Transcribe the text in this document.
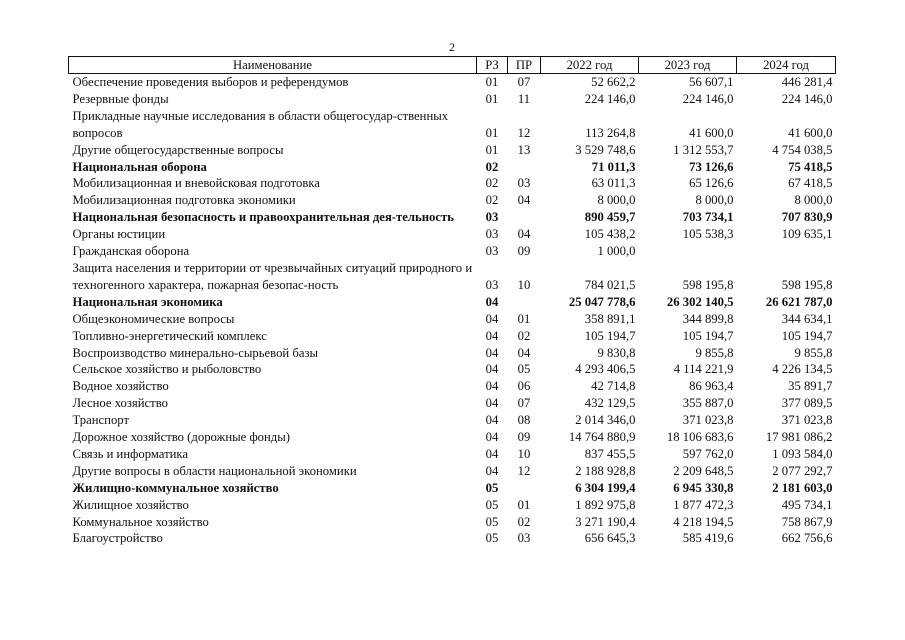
2
Наименование	РЗ	ПР	2022 год	2023 год	2024 год
Обеспечение проведения выборов и референдумов	01	07	52 662,2	56 607,1	446 281,4
Резервные фонды	01	11	224 146,0	224 146,0	224 146,0
Прикладные научные исследования в области общегосудар-ственных вопросов	01	12	113 264,8	41 600,0	41 600,0
Другие общегосударственные вопросы	01	13	3 529 748,6	1 312 553,7	4 754 038,5
Национальная оборона	02		71 011,3	73 126,6	75 418,5
Мобилизационная и вневойсковая подготовка	02	03	63 011,3	65 126,6	67 418,5
Мобилизационная подготовка экономики	02	04	8 000,0	8 000,0	8 000,0
Национальная безопасность и правоохранительная дея-тельность	03		890 459,7	703 734,1	707 830,9
Органы юстиции	03	04	105 438,2	105 538,3	109 635,1
Гражданская оборона	03	09	1 000,0		
Защита населения и территории от чрезвычайных ситуаций природного и техногенного характера, пожарная безопас-ность	03	10	784 021,5	598 195,8	598 195,8
Национальная экономика	04		25 047 778,6	26 302 140,5	26 621 787,0
Общеэкономические вопросы	04	01	358 891,1	344 899,8	344 634,1
Топливно-энергетический комплекс	04	02	105 194,7	105 194,7	105 194,7
Воспроизводство минерально-сырьевой базы	04	04	9 830,8	9 855,8	9 855,8
Сельское хозяйство и рыболовство	04	05	4 293 406,5	4 114 221,9	4 226 134,5
Водное хозяйство	04	06	42 714,8	86 963,4	35 891,7
Лесное хозяйство	04	07	432 129,5	355 887,0	377 089,5
Транспорт	04	08	2 014 346,0	371 023,8	371 023,8
Дорожное хозяйство (дорожные фонды)	04	09	14 764 880,9	18 106 683,6	17 981 086,2
Связь и информатика	04	10	837 455,5	597 762,0	1 093 584,0
Другие вопросы в области национальной экономики	04	12	2 188 928,8	2 209 648,5	2 077 292,7
Жилищно-коммунальное хозяйство	05		6 304 199,4	6 945 330,8	2 181 603,0
Жилищное хозяйство	05	01	1 892 975,8	1 877 472,3	495 734,1
Коммунальное хозяйство	05	02	3 271 190,4	4 218 194,5	758 867,9
Благоустройство	05	03	656 645,3	585 419,6	662 756,6
